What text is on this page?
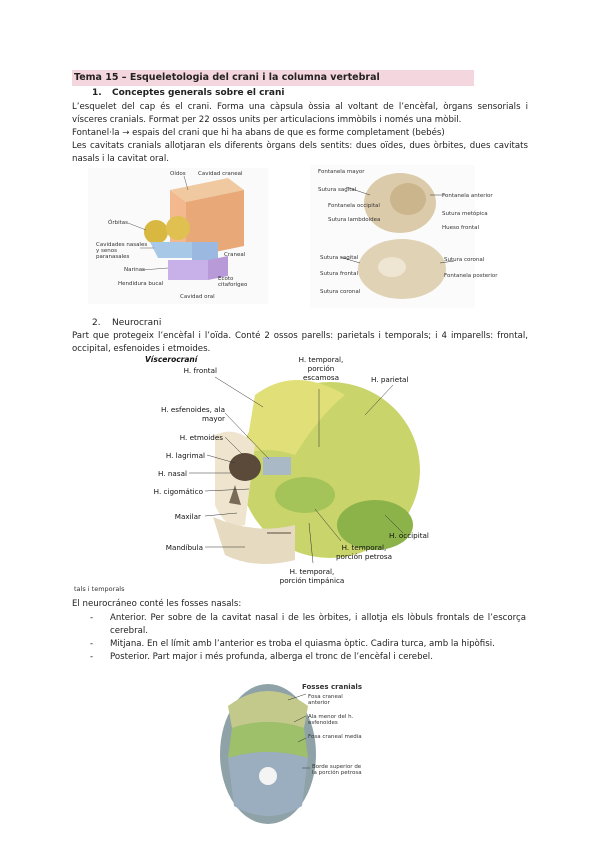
Tema 15 – Esqueletologia del crani i la columna vertebral
1. Conceptes generals sobre el crani
L’esquelet del cap és el crani. Forma una càpsula òssia al voltant de l’encèfal, òrgans sensorials i vísceres cranials. Format per 22 ossos units per articulacions immòbils i només una mòbil.
Fontanel·la → espais del crani que hi ha abans de que es forme completament (bebés)
Les cavitats cranials allotjaran els diferents òrgans dels sentits: dues oïdes, dues òrbites, dues cavitats nasals i la cavitat oral.
Oídos Cavidad craneal
Órbitas
Cavidades nasales y senos paranasales	Craneal
Narinas
Hendidura bucal
Cavidad oral
Ecoto citaforígeo
Fontanela mayor
Sutura sagital
Fontanela occipital
Sutura lambdoidea
Sutura sagital
Sutura frontal
Sutura coronal
Fontanela anterior
Sutura metópica
Hueso frontal
Sutura coronal
Fontanela posterior
2. Neurocrani
Part que protegeix l’encèfal i l’oïda. Conté 2 ossos parells: parietals i temporals; i 4 imparells: frontal, occipital, esfenoides i etmoides.
Víscerocraní
H. frontal
H. esfenoides, ala mayor
H. etmoides
H. lagrimal
H. nasal
H. cigomático
Maxilar
Mandíbula
H. temporal, porción escamosa	H. parietal
H. occipital
H. temporal, porción petrosa
H. temporal, porción timpánica
tals i temporals
El neurocráneo conté les fosses nasals:
- Anterior. Per sobre de la cavitat nasal i de les òrbites, i allotja els lòbuls frontals de l’escorça cerebral.
- Mitjana. En el límit amb l’anterior es troba el quiasma òptic. Cadira turca, amb la hipòfisi.
- Posterior. Part major i més profunda, alberga el tronc de l’encèfal i cerebel.
Fosses cranials
Fosa craneal anterior
Ala menor del h. esfenoides
Fosa craneal media
Borde superior de la porción petrosa
